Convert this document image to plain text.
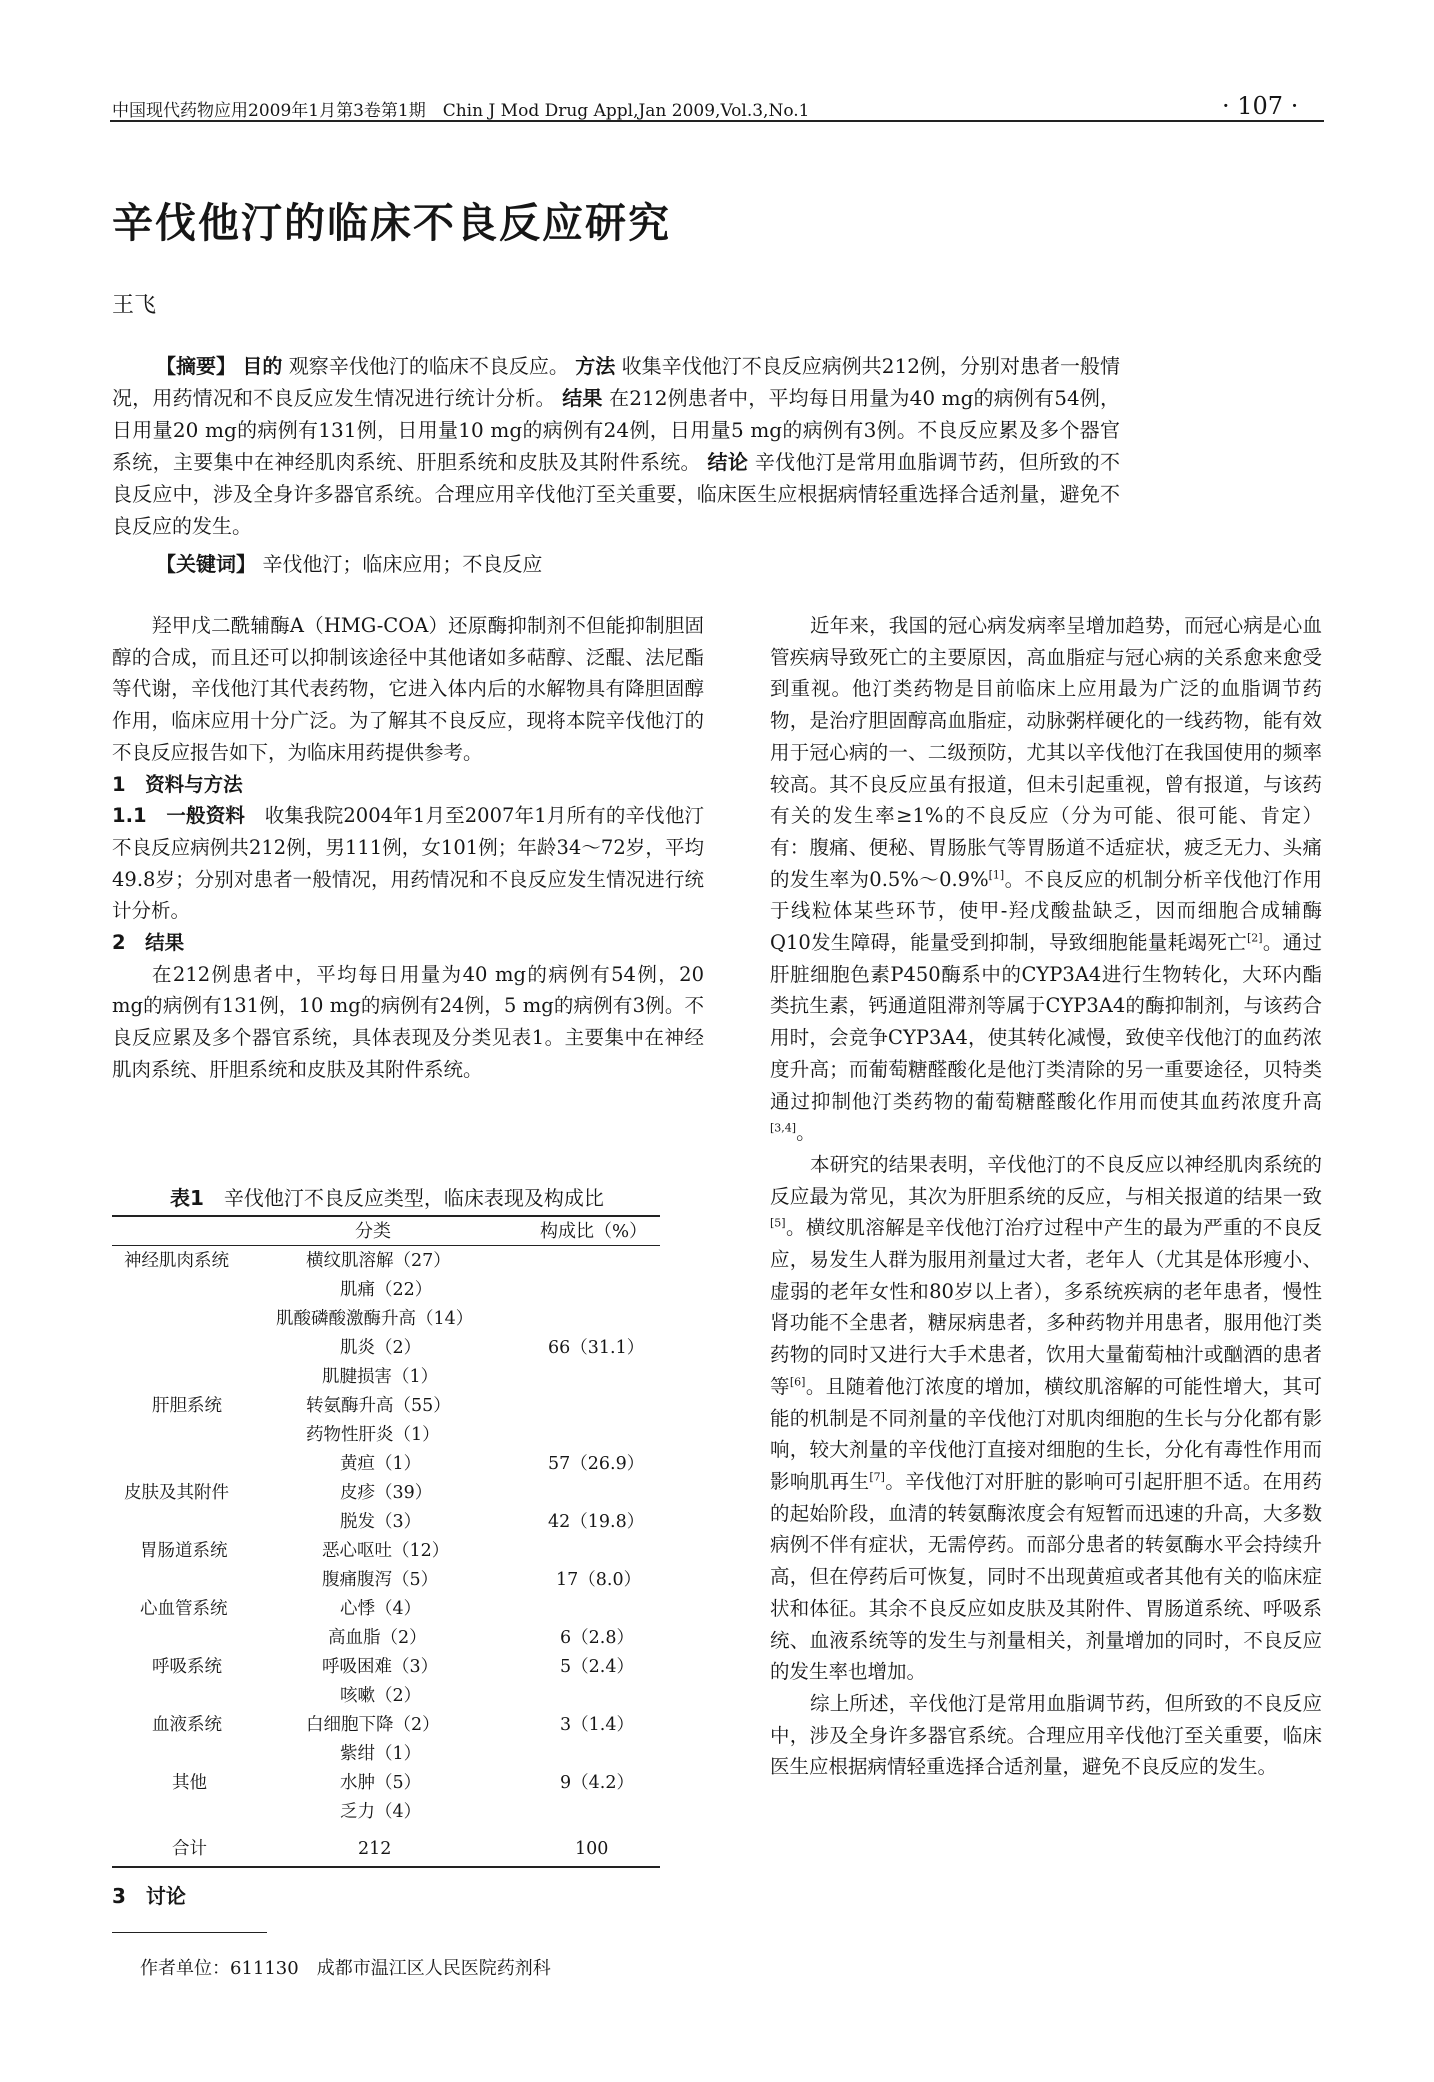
中国现代药物应用2009年1月第3卷第1期　Chin J Mod Drug Appl,Jan 2009,Vol.3,No.1	· 107 ·
辛伐他汀的临床不良反应研究
王飞

【摘要】 目的 观察辛伐他汀的临床不良反应。 方法 收集辛伐他汀不良反应病例共212例，分别对患者一般情况，用药情况和不良反应发生情况进行统计分析。 结果 在212例患者中，平均每日用量为40 mg的病例有54例，日用量20 mg的病例有131例，日用量10 mg的病例有24例，日用量5 mg的病例有3例。不良反应累及多个器官系统，主要集中在神经肌肉系统、肝胆系统和皮肤及其附件系统。 结论 辛伐他汀是常用血脂调节药，但所致的不良反应中，涉及全身许多器官系统。合理应用辛伐他汀至关重要，临床医生应根据病情轻重选择合适剂量，避免不良反应的发生。

【关键词】 辛伐他汀；临床应用；不良反应

羟甲戊二酰辅酶A（HMG-COA）还原酶抑制剂不但能抑制胆固醇的合成，而且还可以抑制该途径中其他诸如多萜醇、泛醌、法尼酯等代谢，辛伐他汀其代表药物，它进入体内后的水解物具有降胆固醇作用，临床应用十分广泛。为了解其不良反应，现将本院辛伐他汀的不良反应报告如下，为临床用药提供参考。

1　资料与方法

1.1　一般资料　 收集我院2004年1月至2007年1月所有的辛伐他汀不良反应病例共212例，男111例，女101例；年龄34～72岁，平均49.8岁；分别对患者一般情况，用药情况和不良反应发生情况进行统计分析。

2　结果

在212例患者中，平均每日用量为40 mg的病例有54例，20 mg的病例有131例，10 mg的病例有24例，5 mg的病例有3例。不良反应累及多个器官系统，具体表现及分类见表1。主要集中在神经肌肉系统、肝胆系统和皮肤及其附件系统。

表1　 辛伐他汀不良反应类型，临床表现及构成比
分类	构成比（%）
神经肌肉系统
肝胆系统
皮肤及其附件
胃肠道系统
心血管系统
呼吸系统
血液系统
其他
合计
横纹肌溶解（27）
肌痛（22）
肌酸磷酸激酶升高（14）
肌炎（2）
肌腱损害（1）
转氨酶升高（55）
药物性肝炎（1）
黄疸（1）
皮疹（39）
脱发（3）
恶心呕吐（12）
腹痛腹泻（5）
心悸（4）
高血脂（2）
呼吸困难（3）
咳嗽（2）
白细胞下降（2）
紫绀（1）
水肿（5）
乏力（4）
212
66（31.1）
57（26.9）
42（19.8）
17（8.0）
6（2.8）
5（2.4）
3（1.4）
9（4.2）
100
3　讨论
作者单位：611130　成都市温江区人民医院药剂科

近年来，我国的冠心病发病率呈增加趋势，而冠心病是心血管疾病导致死亡的主要原因，高血脂症与冠心病的关系愈来愈受到重视。他汀类药物是目前临床上应用最为广泛的血脂调节药物，是治疗胆固醇高血脂症，动脉粥样硬化的一线药物，能有效用于冠心病的一、二级预防，尤其以辛伐他汀在我国使用的频率较高。其不良反应虽有报道，但未引起重视，曾有报道，与该药有关的发生率≥1%的不良反应（分为可能、很可能、肯定）有：腹痛、便秘、胃肠胀气等胃肠道不适症状，疲乏无力、头痛的发生率为0.5%～0.9%[1]。不良反应的机制分析辛伐他汀作用于线粒体某些环节，使甲-羟戊酸盐缺乏，因而细胞合成辅酶Q10发生障碍，能量受到抑制，导致细胞能量耗竭死亡[2]。通过肝脏细胞色素P450酶系中的CYP3A4进行生物转化，大环内酯类抗生素，钙通道阻滞剂等属于CYP3A4的酶抑制剂，与该药合用时，会竞争CYP3A4，使其转化减慢，致使辛伐他汀的血药浓度升高；而葡萄糖醛酸化是他汀类清除的另一重要途径，贝特类通过抑制他汀类药物的葡萄糖醛酸化作用而使其血药浓度升高[3,4]。

本研究的结果表明，辛伐他汀的不良反应以神经肌肉系统的反应最为常见，其次为肝胆系统的反应，与相关报道的结果一致[5]。横纹肌溶解是辛伐他汀治疗过程中产生的最为严重的不良反应，易发生人群为服用剂量过大者，老年人（尤其是体形瘦小、虚弱的老年女性和80岁以上者），多系统疾病的老年患者，慢性肾功能不全患者，糖尿病患者，多种药物并用患者，服用他汀类药物的同时又进行大手术患者，饮用大量葡萄柚汁或酗酒的患者等[6]。且随着他汀浓度的增加，横纹肌溶解的可能性增大，其可能的机制是不同剂量的辛伐他汀对肌肉细胞的生长与分化都有影响，较大剂量的辛伐他汀直接对细胞的生长，分化有毒性作用而影响肌再生[7]。辛伐他汀对肝脏的影响可引起肝胆不适。在用药的起始阶段，血清的转氨酶浓度会有短暂而迅速的升高，大多数病例不伴有症状，无需停药。而部分患者的转氨酶水平会持续升高，但在停药后可恢复，同时不出现黄疸或者其他有关的临床症状和体征。其余不良反应如皮肤及其附件、胃肠道系统、呼吸系统、血液系统等的发生与剂量相关，剂量增加的同时，不良反应的发生率也增加。

综上所述，辛伐他汀是常用血脂调节药，但所致的不良反应中，涉及全身许多器官系统。合理应用辛伐他汀至关重要，临床医生应根据病情轻重选择合适剂量，避免不良反应的发生。
